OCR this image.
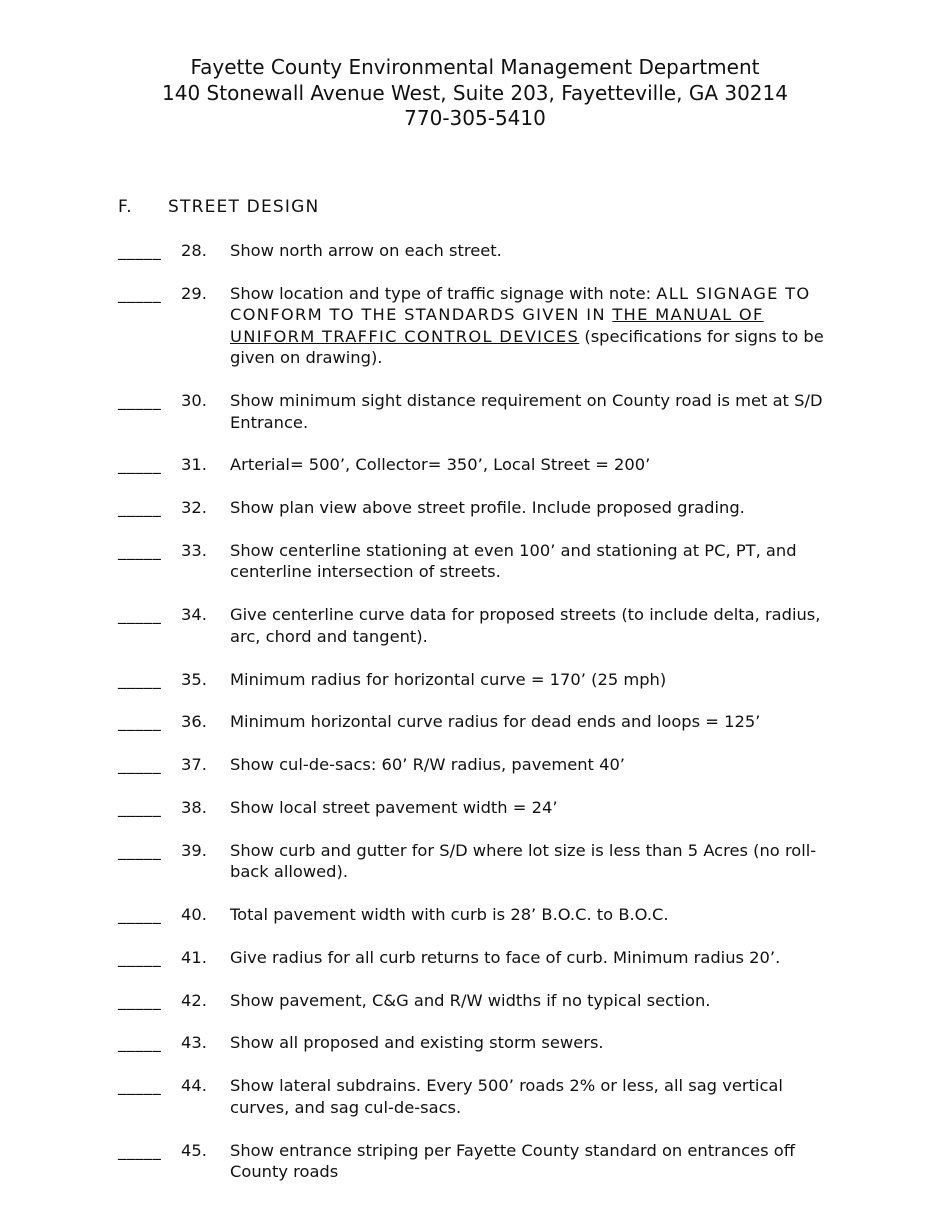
Fayette County Environmental Management Department
140 Stonewall Avenue West, Suite 203, Fayetteville, GA 30214
770-305-5410
F. STREET DESIGN
_____	28.	Show north arrow on each street.
_____	29.	Show location and type of traffic signage with note: ALL SIGNAGE TO CONFORM TO THE STANDARDS GIVEN IN THE MANUAL OF UNIFORM TRAFFIC CONTROL DEVICES (specifications for signs to be given on drawing).
_____	30.	Show minimum sight distance requirement on County road is met at S/D Entrance.
_____	31.	Arterial= 500’, Collector= 350’, Local Street = 200’
_____	32.	Show plan view above street profile. Include proposed grading.
_____	33.	Show centerline stationing at even 100’ and stationing at PC, PT, and centerline intersection of streets.
_____	34.	Give centerline curve data for proposed streets (to include delta, radius, arc, chord and tangent).
_____	35.	Minimum radius for horizontal curve = 170’ (25 mph)
_____	36.	Minimum horizontal curve radius for dead ends and loops = 125’
_____	37.	Show cul-de-sacs: 60’ R/W radius, pavement 40’
_____	38.	Show local street pavement width = 24’
_____	39.	Show curb and gutter for S/D where lot size is less than 5 Acres (no roll-back allowed).
_____	40.	Total pavement width with curb is 28’ B.O.C. to B.O.C.
_____	41.	Give radius for all curb returns to face of curb. Minimum radius 20’.
_____	42.	Show pavement, C&G and R/W widths if no typical section.
_____	43.	Show all proposed and existing storm sewers.
_____	44.	Show lateral subdrains. Every 500’ roads 2% or less, all sag vertical curves, and sag cul-de-sacs.
_____	45.	Show entrance striping per Fayette County standard on entrances off County roads
